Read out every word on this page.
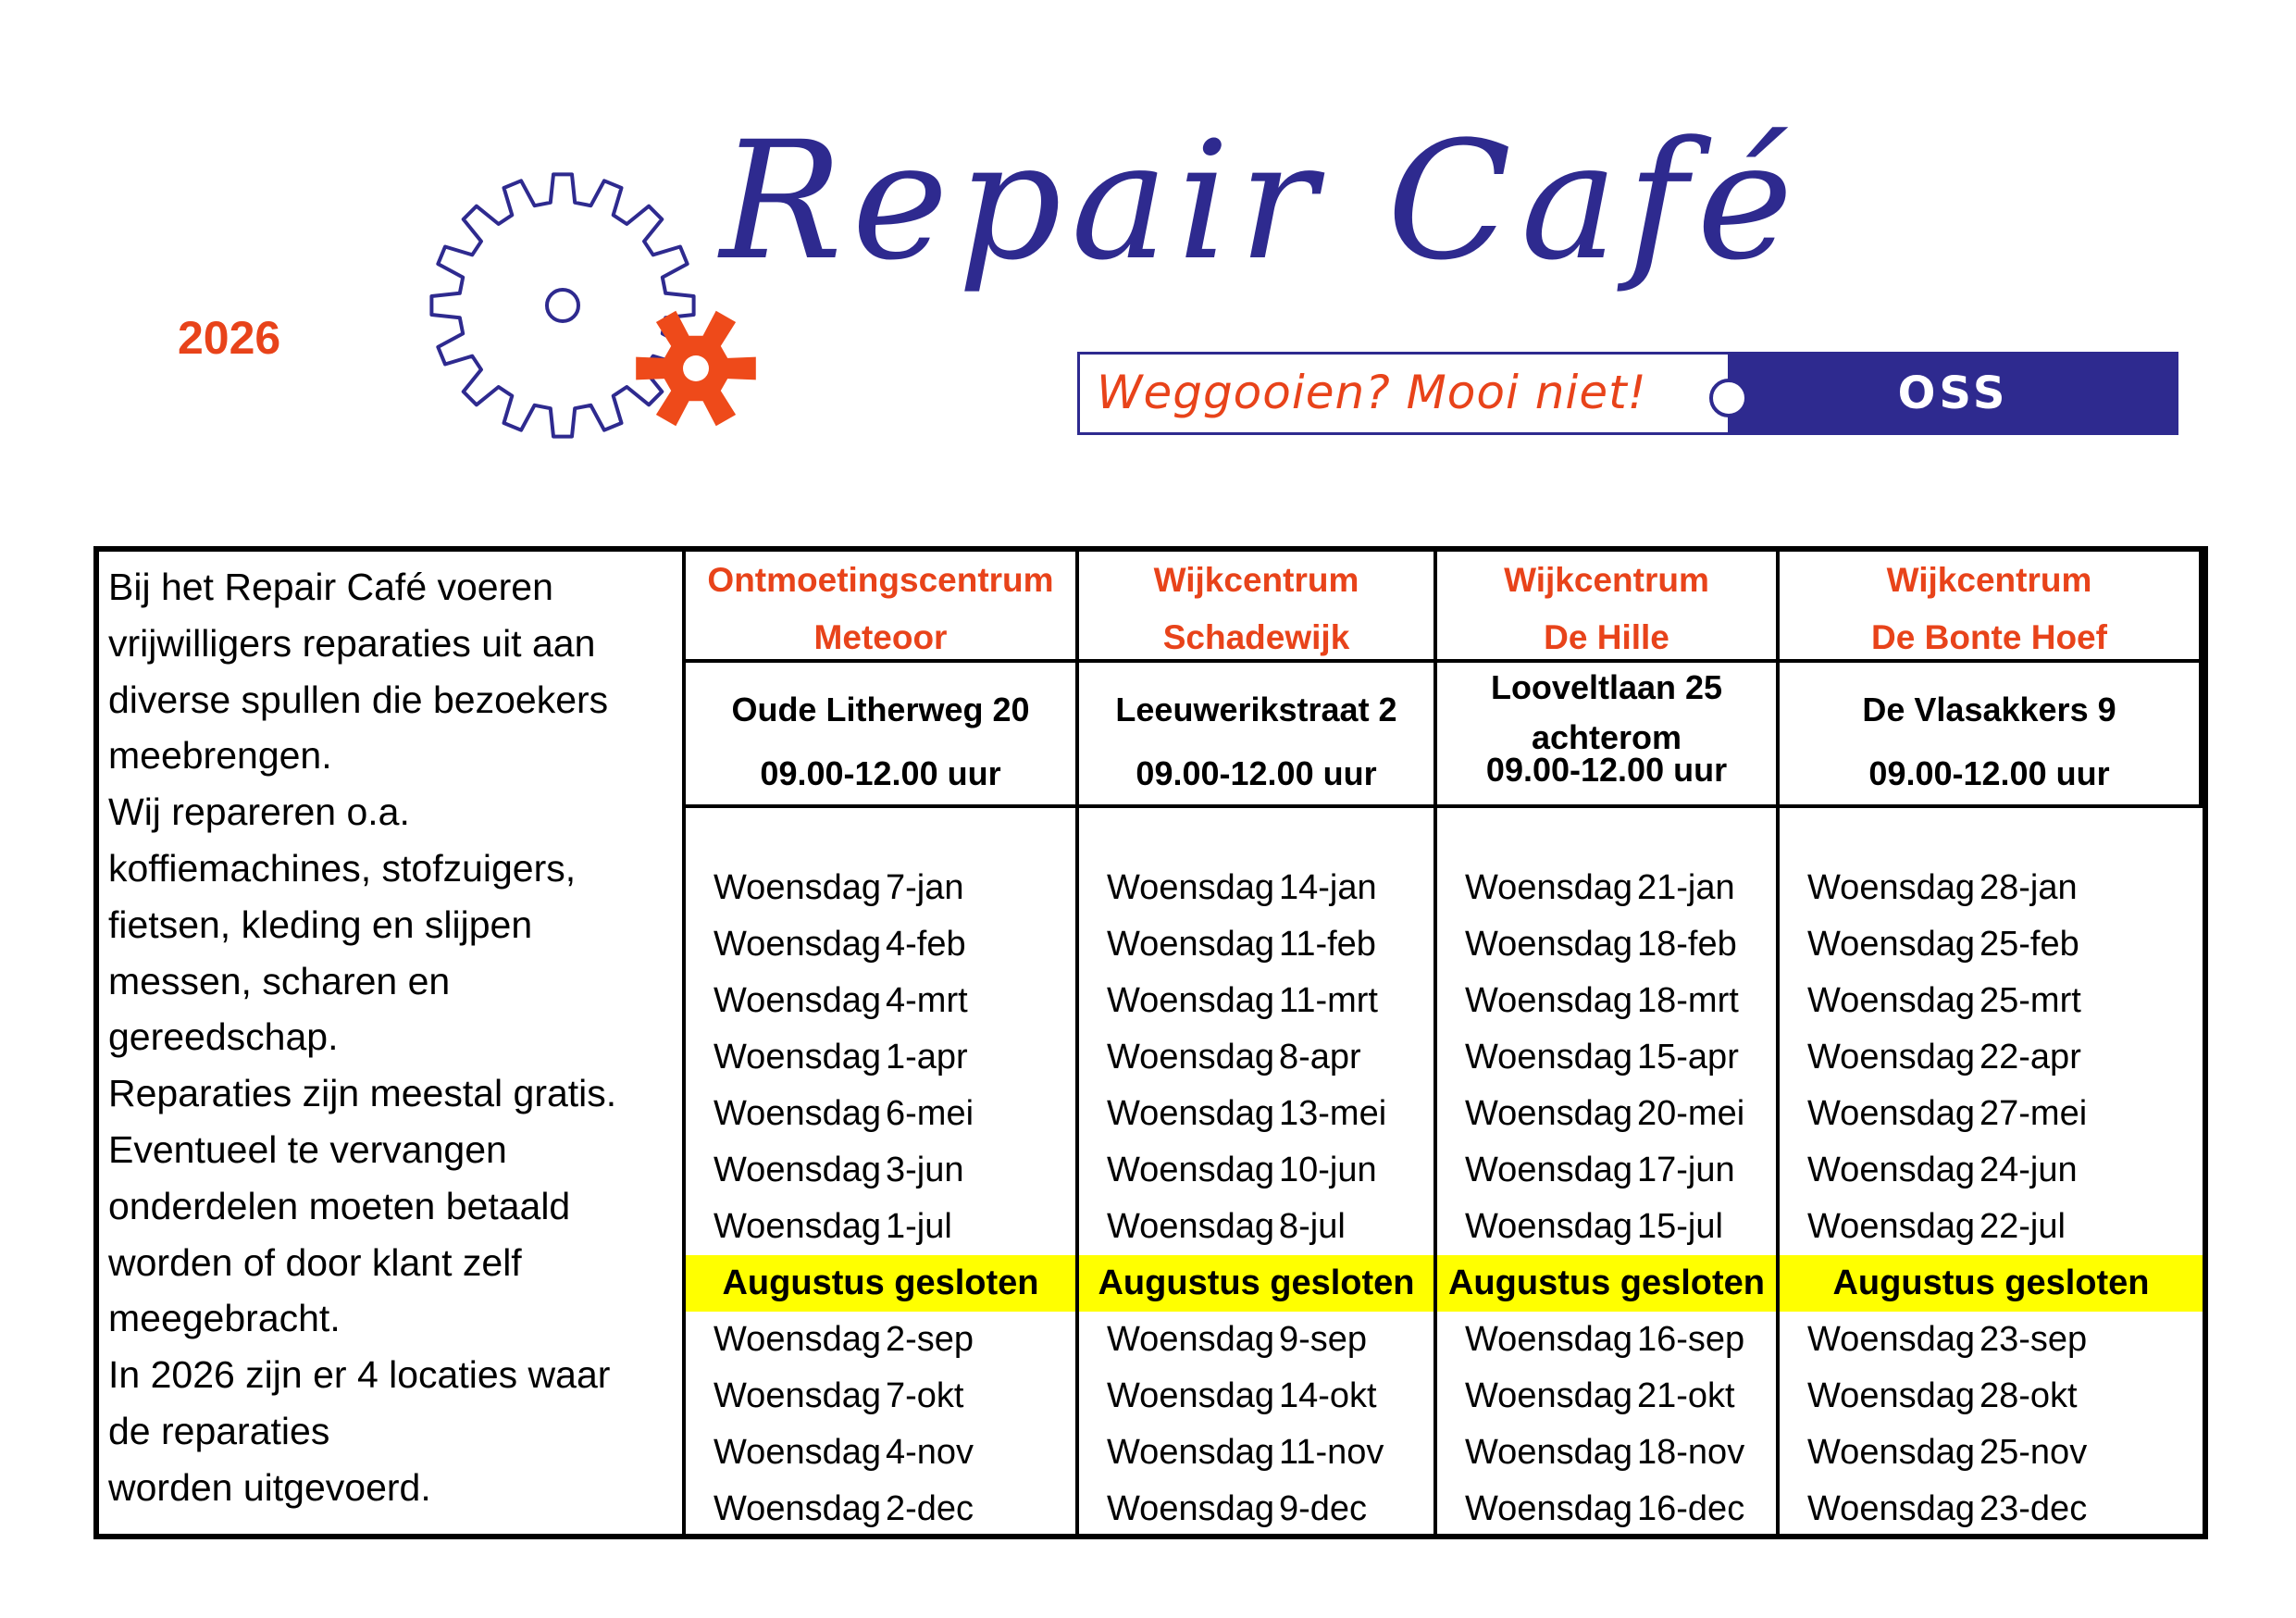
2026
Repair Café
Weggooien? Mooi niet!	OSS
Bij het Repair Café voeren
vrijwilligers reparaties uit aan
diverse spullen die bezoekers
meebrengen.
Wij repareren o.a.
koffiemachines, stofzuigers,
fietsen, kleding en slijpen
messen, scharen en
gereedschap.
Reparaties zijn meestal gratis.
Eventueel te vervangen
onderdelen moeten betaald
worden of door klant zelf
meegebracht.
In 2026 zijn er 4 locaties waar
de reparaties
worden uitgevoerd.
Ontmoetingscentrum
Meteoor
Wijkcentrum
Schadewijk
Wijkcentrum
De Hille
Wijkcentrum
De Bonte Hoef
Oude Litherweg 20
09.00-12.00 uur
Leeuwerikstraat 2
09.00-12.00 uur
Looveltlaan 25
achterom
09.00-12.00 uur
De Vlasakkers 9
09.00-12.00 uur
Woensdag 7-jan
Woensdag 4-feb
Woensdag 4-mrt
Woensdag 1-apr
Woensdag 6-mei
Woensdag 3-jun
Woensdag 1-jul
Augustus gesloten
Woensdag 2-sep
Woensdag 7-okt
Woensdag 4-nov
Woensdag 2-dec
Woensdag 14-jan
Woensdag 11-feb
Woensdag 11-mrt
Woensdag 8-apr
Woensdag 13-mei
Woensdag 10-jun
Woensdag 8-jul
Augustus gesloten
Woensdag 9-sep
Woensdag 14-okt
Woensdag 11-nov
Woensdag 9-dec
Woensdag 21-jan
Woensdag 18-feb
Woensdag 18-mrt
Woensdag 15-apr
Woensdag 20-mei
Woensdag 17-jun
Woensdag 15-jul
Augustus gesloten
Woensdag 16-sep
Woensdag 21-okt
Woensdag 18-nov
Woensdag 16-dec
Woensdag 28-jan
Woensdag 25-feb
Woensdag 25-mrt
Woensdag 22-apr
Woensdag 27-mei
Woensdag 24-jun
Woensdag 22-jul
Augustus gesloten
Woensdag 23-sep
Woensdag 28-okt
Woensdag 25-nov
Woensdag 23-dec
